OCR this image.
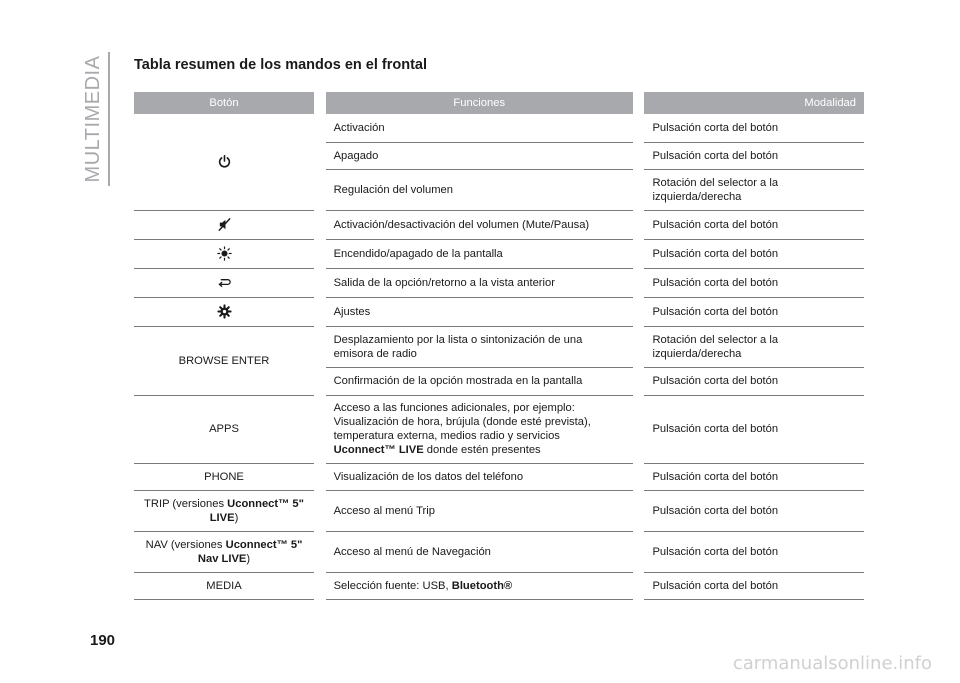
MULTIMEDIA Tabla resumen de los mandos en el frontal
Botón		Funciones		Modalidad

		Activación		Pulsación corta del botón
		Apagado		Pulsación corta del botón
		Regulación del volumen		Rotación del selector a la izquierda/derecha

		Activación/desactivación del volumen (Mute/Pausa)		Pulsación corta del botón

		Encendido/apagado de la pantalla		Pulsación corta del botón

		Salida de la opción/retorno a la vista anterior		Pulsación corta del botón

		Ajustes		Pulsación corta del botón
BROWSE ENTER		Desplazamiento por la lista o sintonización de una emisora de radio		Rotación del selector a la izquierda/derecha
		Confirmación de la opción mostrada en la pantalla		Pulsación corta del botón
APPS		Acceso a las funciones adicionales, por ejemplo: Visualización de hora, brújula (donde esté prevista), temperatura externa, medios radio y servicios Uconnect™ LIVE donde estén presentes		Pulsación corta del botón
PHONE		Visualización de los datos del teléfono		Pulsación corta del botón
TRIP (versiones Uconnect™ 5"
LIVE)		Acceso al menú Trip		Pulsación corta del botón
NAV (versiones Uconnect™ 5"
Nav LIVE)		Acceso al menú de Navegación		Pulsación corta del botón
MEDIA		Selección fuente: USB, Bluetooth®		Pulsación corta del botón
190
carmanualsonline.info
